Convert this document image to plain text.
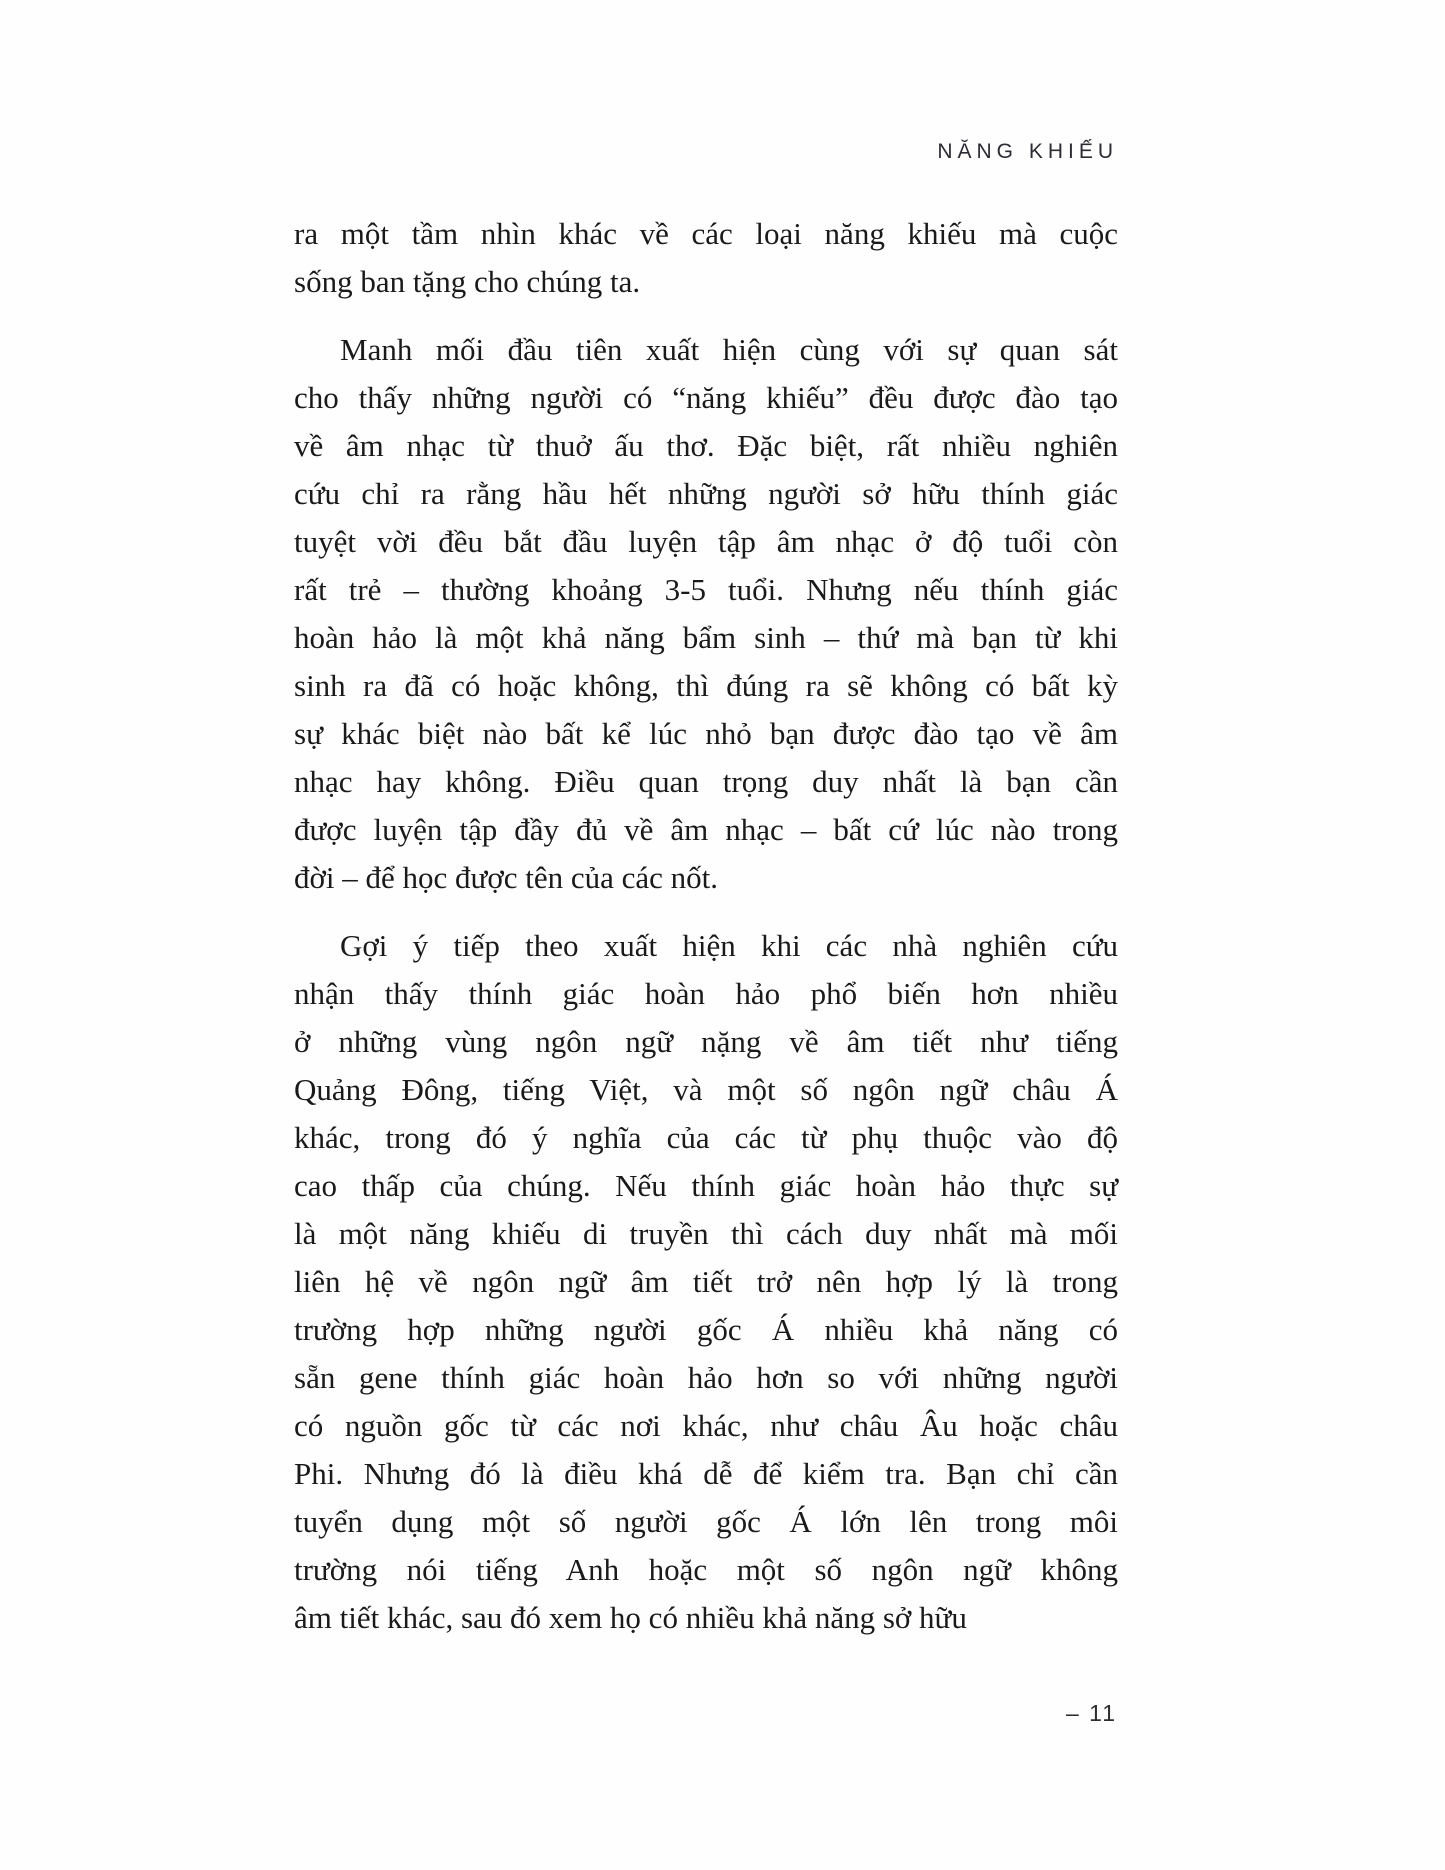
NĂNG KHIẾU
ra một tầm nhìn khác về các loại năng khiếu mà cuộc
sống ban tặng cho chúng ta.
Manh mối đầu tiên xuất hiện cùng với sự quan sát
cho thấy những người có “năng khiếu” đều được đào tạo
về âm nhạc từ thuở ấu thơ. Đặc biệt, rất nhiều nghiên
cứu chỉ ra rằng hầu hết những người sở hữu thính giác
tuyệt vời đều bắt đầu luyện tập âm nhạc ở độ tuổi còn
rất trẻ – thường khoảng 3-5 tuổi. Nhưng nếu thính giác
hoàn hảo là một khả năng bẩm sinh – thứ mà bạn từ khi
sinh ra đã có hoặc không, thì đúng ra sẽ không có bất kỳ
sự khác biệt nào bất kể lúc nhỏ bạn được đào tạo về âm
nhạc hay không. Điều quan trọng duy nhất là bạn cần
được luyện tập đầy đủ về âm nhạc – bất cứ lúc nào trong
đời – để học được tên của các nốt.
Gợi ý tiếp theo xuất hiện khi các nhà nghiên cứu
nhận thấy thính giác hoàn hảo phổ biến hơn nhiều
ở những vùng ngôn ngữ nặng về âm tiết như tiếng
Quảng Đông, tiếng Việt, và một số ngôn ngữ châu Á
khác, trong đó ý nghĩa của các từ phụ thuộc vào độ
cao thấp của chúng. Nếu thính giác hoàn hảo thực sự
là một năng khiếu di truyền thì cách duy nhất mà mối
liên hệ về ngôn ngữ âm tiết trở nên hợp lý là trong
trường hợp những người gốc Á nhiều khả năng có
sẵn gene thính giác hoàn hảo hơn so với những người
có nguồn gốc từ các nơi khác, như châu Âu hoặc châu
Phi. Nhưng đó là điều khá dễ để kiểm tra. Bạn chỉ cần
tuyển dụng một số người gốc Á lớn lên trong môi
trường nói tiếng Anh hoặc một số ngôn ngữ không
âm tiết khác, sau đó xem họ có nhiều khả năng sở hữu
– 11
